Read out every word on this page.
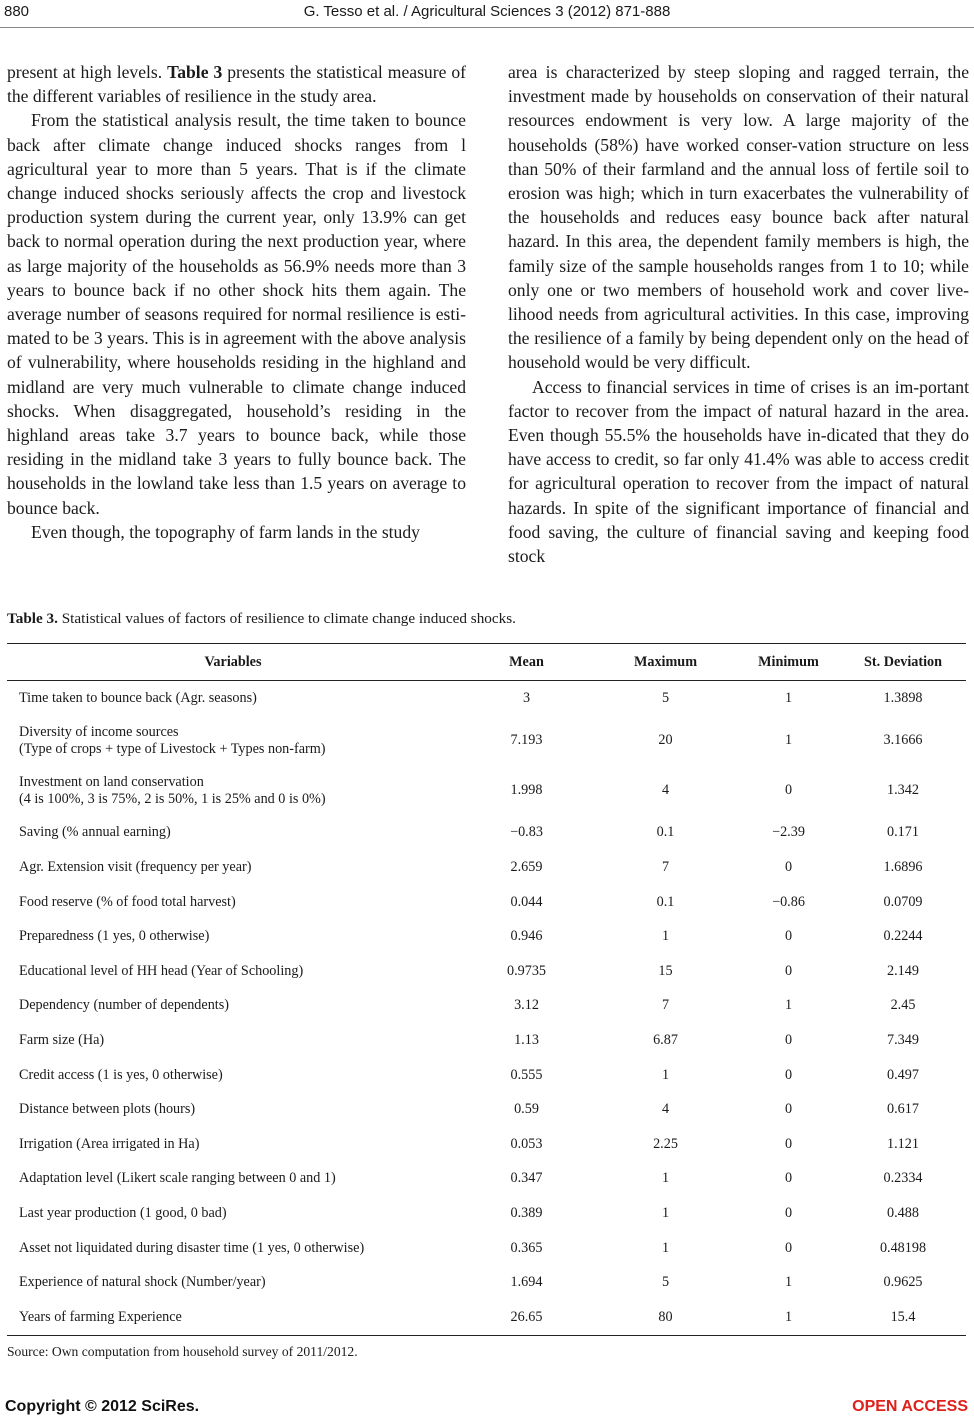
880	G. Tesso et al. / Agricultural Sciences 3 (2012) 871-888

present at high levels. Table 3 presents the statistical measure of the different variables of resilience in the study area.

From the statistical analysis result, the time taken to bounce back after climate change induced shocks ranges from l agricultural year to more than 5 years. That is if the climate change induced shocks seriously affects the crop and livestock production system during the current year, only 13.9% can get back to normal operation during the next production year, where as large majority of the households as 56.9% needs more than 3 years to bounce back if no other shock hits them again. The average number of seasons required for normal resilience is esti-mated to be 3 years. This is in agreement with the above analysis of vulnerability, where households residing in the highland and midland are very much vulnerable to climate change induced shocks. When disaggregated, household’s residing in the highland areas take 3.7 years to bounce back, while those residing in the midland take 3 years to fully bounce back. The households in the lowland take less than 1.5 years on average to bounce back.

Even though, the topography of farm lands in the study

area is characterized by steep sloping and ragged terrain, the investment made by households on conservation of their natural resources endowment is very low. A large majority of the households (58%) have worked conser-vation structure on less than 50% of their farmland and the annual loss of fertile soil to erosion was high; which in turn exacerbates the vulnerability of the households and reduces easy bounce back after natural hazard. In this area, the dependent family members is high, the family size of the sample households ranges from 1 to 10; while only one or two members of household work and cover live-lihood needs from agricultural activities. In this case, improving the resilience of a family by being dependent only on the head of household would be very difficult.

Access to financial services in time of crises is an im-portant factor to recover from the impact of natural hazard in the area. Even though 55.5% the households have in-dicated that they do have access to credit, so far only 41.4% was able to access credit for agricultural operation to recover from the impact of natural hazards. In spite of the significant importance of financial and food saving, the culture of financial saving and keeping food stock

Table 3. Statistical values of factors of resilience to climate change induced shocks.
Variables	Mean	Maximum	Minimum	St. Deviation

Time taken to bounce back (Agr. seasons)	3	5	1	1.3898

Diversity of income sources
(Type of crops + type of Livestock + Types non-farm)	7.193	20	1	3.1666

Investment on land conservation
(4 is 100%, 3 is 75%, 2 is 50%, 1 is 25% and 0 is 0%)	1.998	4	0	1.342

Saving (% annual earning)	−0.83	0.1	−2.39	0.171

Agr. Extension visit (frequency per year)	2.659	7	0	1.6896

Food reserve (% of food total harvest)	0.044	0.1	−0.86	0.0709

Preparedness (1 yes, 0 otherwise)	0.946	1	0	0.2244

Educational level of HH head (Year of Schooling)	0.9735	15	0	2.149

Dependency (number of dependents)	3.12	7	1	2.45

Farm size (Ha)	1.13	6.87	0	7.349

Credit access (1 is yes, 0 otherwise)	0.555	1	0	0.497

Distance between plots (hours)	0.59	4	0	0.617

Irrigation (Area irrigated in Ha)	0.053	2.25	0	1.121

Adaptation level (Likert scale ranging between 0 and 1)	0.347	1	0	0.2334

Last year production (1 good, 0 bad)	0.389	1	0	0.488

Asset not liquidated during disaster time (1 yes, 0 otherwise)	0.365	1	0	0.48198

Experience of natural shock (Number/year)	1.694	5	1	0.9625

Years of farming Experience	26.65	80	1	15.4
Source: Own computation from household survey of 2011/2012.
Copyright © 2012 SciRes.	OPEN ACCESS
